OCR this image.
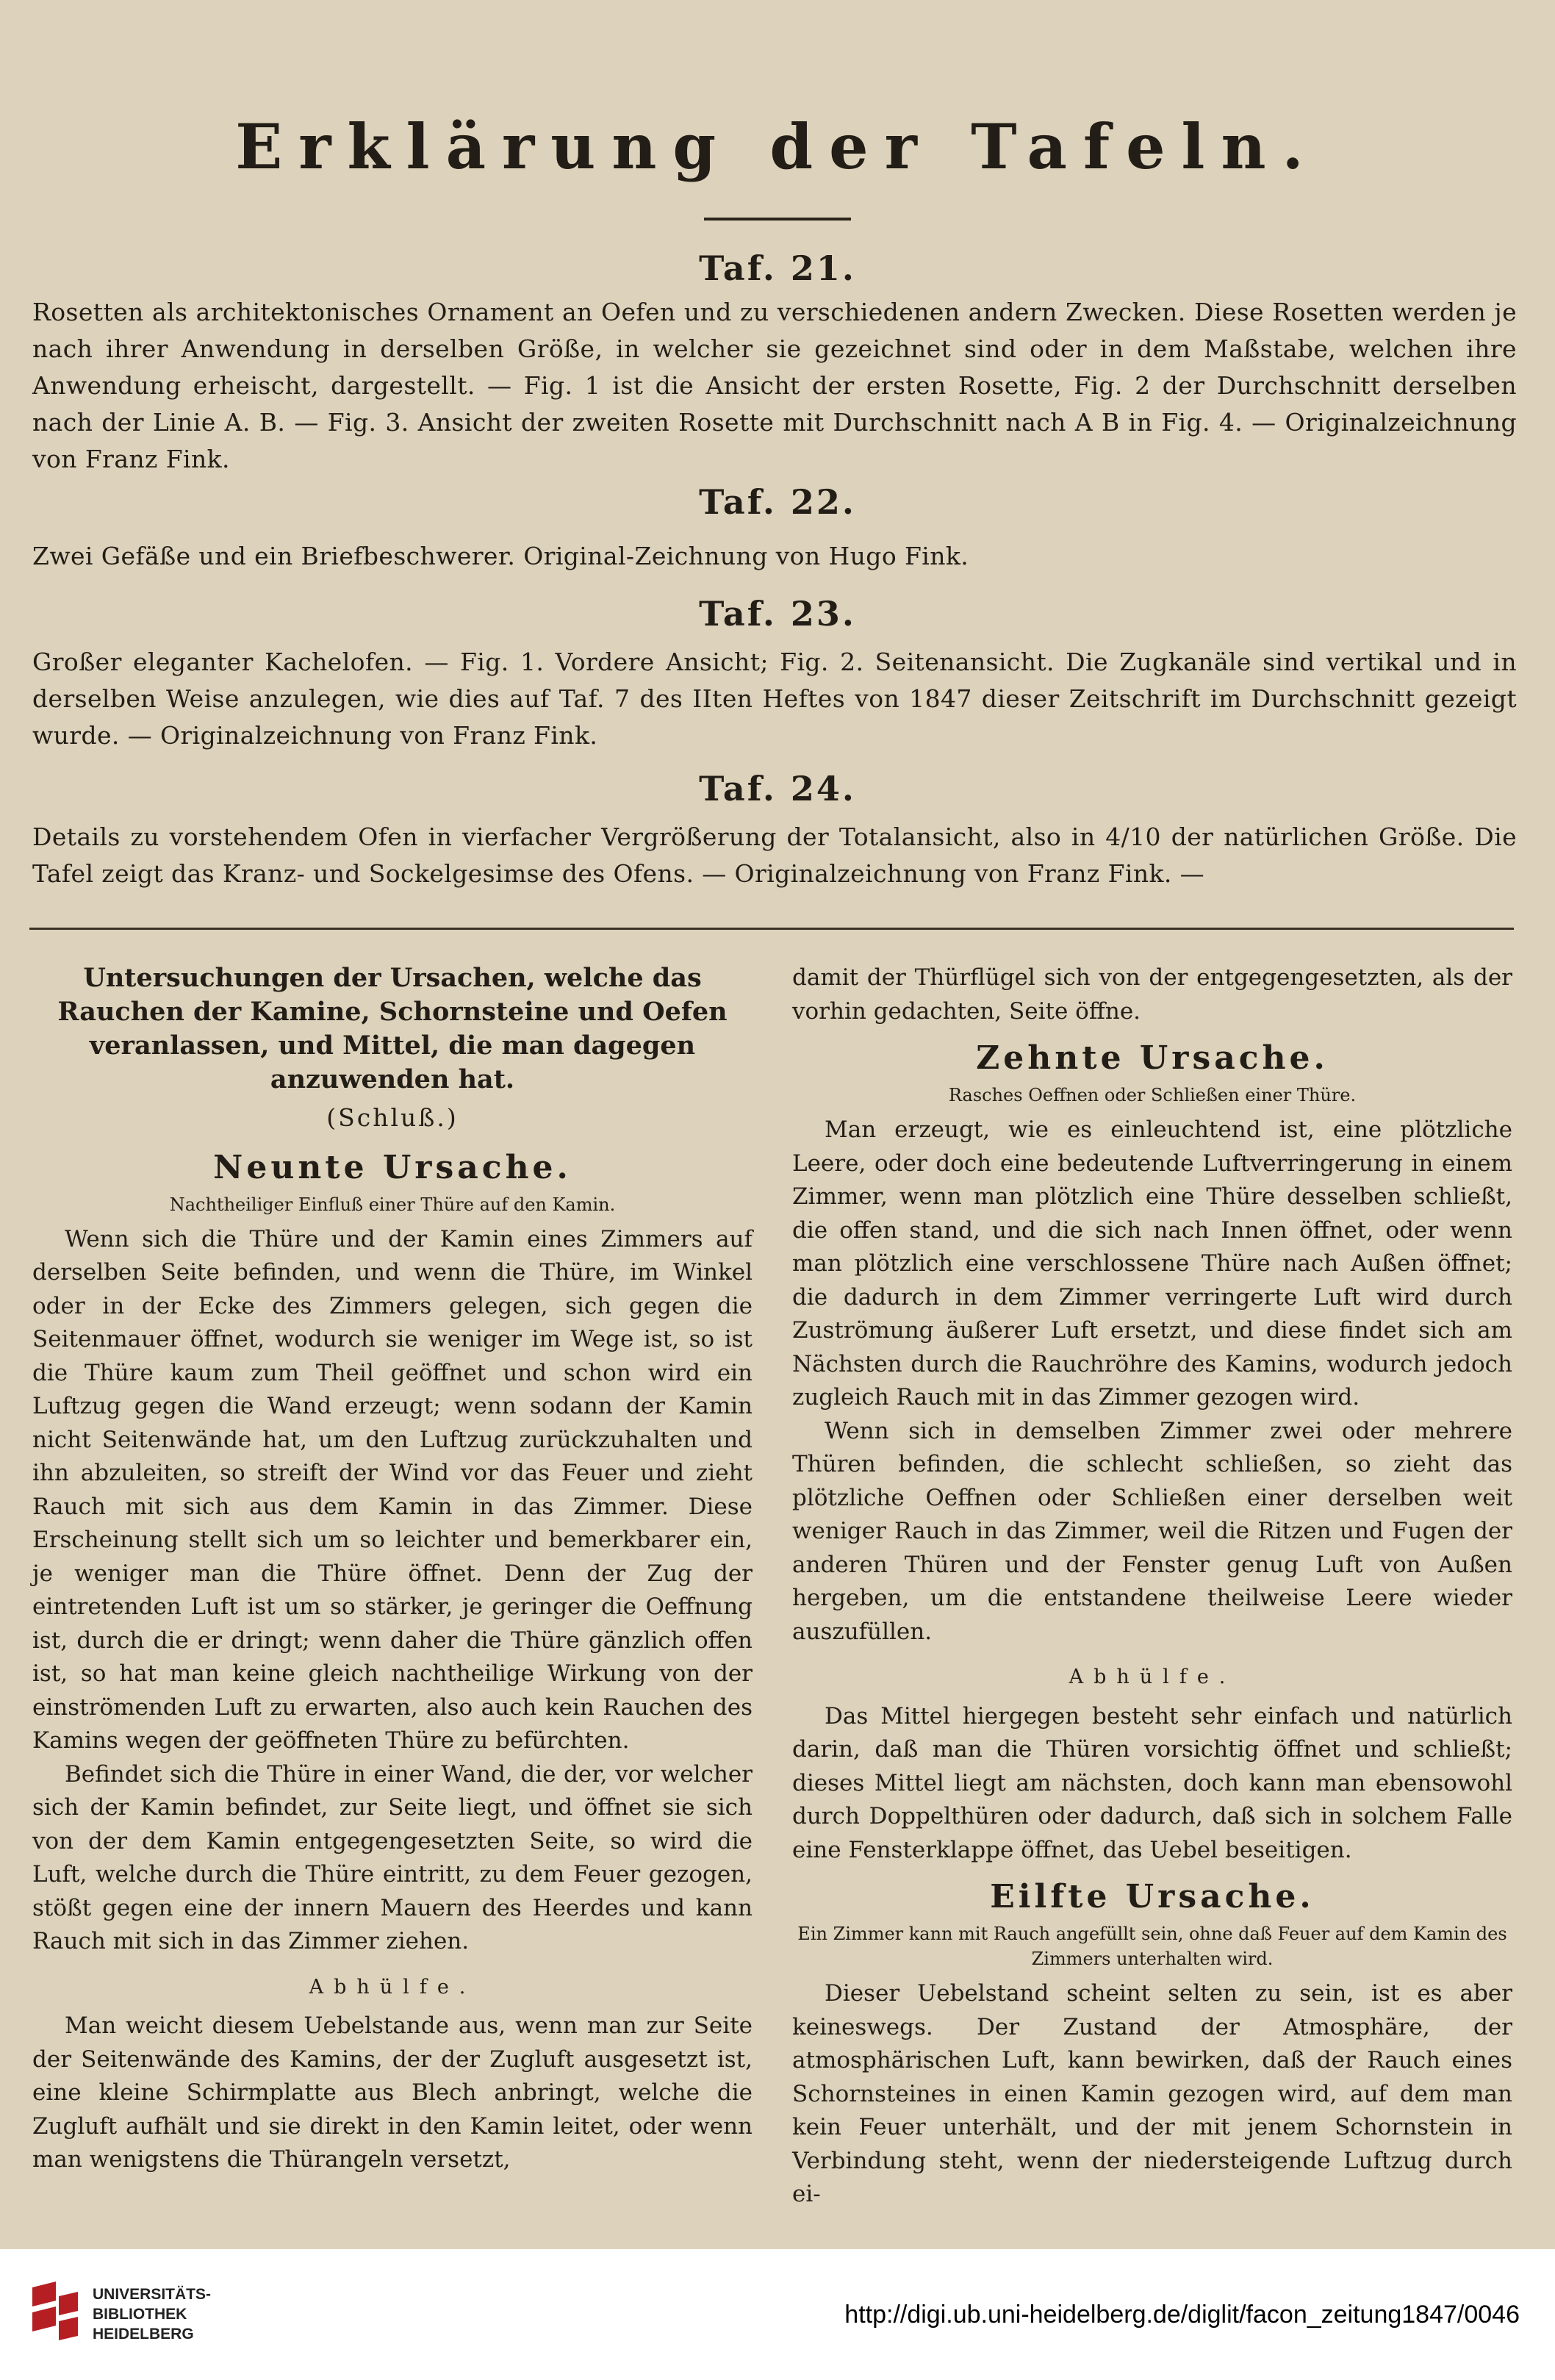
Erklärung der Tafeln.
Taf. 21.
Rosetten als architektonisches Ornament an Oefen und zu verschiedenen andern Zwecken. Diese Rosetten werden je nach ihrer Anwendung in derselben Größe, in welcher sie gezeichnet sind oder in dem Maßstabe, welchen ihre Anwendung erheischt, dargestellt. — Fig. 1 ist die Ansicht der ersten Rosette, Fig. 2 der Durchschnitt derselben nach der Linie A. B. — Fig. 3. Ansicht der zweiten Rosette mit Durchschnitt nach A B in Fig. 4. — Originalzeichnung von Franz Fink.
Taf. 22.
Zwei Gefäße und ein Briefbeschwerer. Original-Zeichnung von Hugo Fink.
Taf. 23.
Großer eleganter Kachelofen. — Fig. 1. Vordere Ansicht; Fig. 2. Seitenansicht. Die Zugkanäle sind vertikal und in derselben Weise anzulegen, wie dies auf Taf. 7 des IIten Heftes von 1847 dieser Zeitschrift im Durchschnitt gezeigt wurde. — Originalzeichnung von Franz Fink.
Taf. 24.
Details zu vorstehendem Ofen in vierfacher Vergrößerung der Totalansicht, also in 4/10 der natürlichen Größe. Die Tafel zeigt das Kranz- und Sockelgesimse des Ofens. — Originalzeichnung von Franz Fink. —
Untersuchungen der Ursachen, welche das Rauchen der Kamine, Schornsteine und Oefen veranlassen, und Mittel, die man dagegen anzuwenden hat.
(Schluß.)
Neunte Ursache.
Nachtheiliger Einfluß einer Thüre auf den Kamin.

Wenn sich die Thüre und der Kamin eines Zimmers auf derselben Seite befinden, und wenn die Thüre, im Winkel oder in der Ecke des Zimmers gelegen, sich gegen die Seitenmauer öffnet, wodurch sie weniger im Wege ist, so ist die Thüre kaum zum Theil geöffnet und schon wird ein Luftzug gegen die Wand erzeugt; wenn sodann der Kamin nicht Seitenwände hat, um den Luftzug zurückzuhalten und ihn abzuleiten, so streift der Wind vor das Feuer und zieht Rauch mit sich aus dem Kamin in das Zimmer. Diese Erscheinung stellt sich um so leichter und bemerkbarer ein, je weniger man die Thüre öffnet. Denn der Zug der eintretenden Luft ist um so stärker, je geringer die Oeffnung ist, durch die er dringt; wenn daher die Thüre gänzlich offen ist, so hat man keine gleich nachtheilige Wirkung von der einströmenden Luft zu erwarten, also auch kein Rauchen des Kamins wegen der geöffneten Thüre zu befürchten.

Befindet sich die Thüre in einer Wand, die der, vor welcher sich der Kamin befindet, zur Seite liegt, und öffnet sie sich von der dem Kamin entgegengesetzten Seite, so wird die Luft, welche durch die Thüre eintritt, zu dem Feuer gezogen, stößt gegen eine der innern Mauern des Heerdes und kann Rauch mit sich in das Zimmer ziehen.

Abhülfe.

Man weicht diesem Uebelstande aus, wenn man zur Seite der Seitenwände des Kamins, der der Zugluft ausgesetzt ist, eine kleine Schirmplatte aus Blech anbringt, welche die Zugluft aufhält und sie direkt in den Kamin leitet, oder wenn man wenigstens die Thürangeln versetzt,

damit der Thürflügel sich von der entgegengesetzten, als der vorhin gedachten, Seite öffne.

Zehnte Ursache.
Rasches Oeffnen oder Schließen einer Thüre.

Man erzeugt, wie es einleuchtend ist, eine plötzliche Leere, oder doch eine bedeutende Luftverringerung in einem Zimmer, wenn man plötzlich eine Thüre desselben schließt, die offen stand, und die sich nach Innen öffnet, oder wenn man plötzlich eine verschlossene Thüre nach Außen öffnet; die dadurch in dem Zimmer verringerte Luft wird durch Zuströmung äußerer Luft ersetzt, und diese findet sich am Nächsten durch die Rauchröhre des Kamins, wodurch jedoch zugleich Rauch mit in das Zimmer gezogen wird.

Wenn sich in demselben Zimmer zwei oder mehrere Thüren befinden, die schlecht schließen, so zieht das plötzliche Oeffnen oder Schließen einer derselben weit weniger Rauch in das Zimmer, weil die Ritzen und Fugen der anderen Thüren und der Fenster genug Luft von Außen hergeben, um die entstandene theilweise Leere wieder auszufüllen.

Abhülfe.

Das Mittel hiergegen besteht sehr einfach und natürlich darin, daß man die Thüren vorsichtig öffnet und schließt; dieses Mittel liegt am nächsten, doch kann man ebensowohl durch Doppelthüren oder dadurch, daß sich in solchem Falle eine Fensterklappe öffnet, das Uebel beseitigen.

Eilfte Ursache.
Ein Zimmer kann mit Rauch angefüllt sein, ohne daß Feuer auf dem Kamin des Zimmers unterhalten wird.

Dieser Uebelstand scheint selten zu sein, ist es aber keineswegs. Der Zustand der Atmosphäre, der atmosphärischen Luft, kann bewirken, daß der Rauch eines Schornsteines in einen Kamin gezogen wird, auf dem man kein Feuer unterhält, und der mit jenem Schornstein in Verbindung steht, wenn der niedersteigende Luftzug durch ei-

UNIVERSITÄTS-
BIBLIOTHEK
HEIDELBERG
http://digi.ub.uni-heidelberg.de/diglit/facon_zeitung1847/0046
